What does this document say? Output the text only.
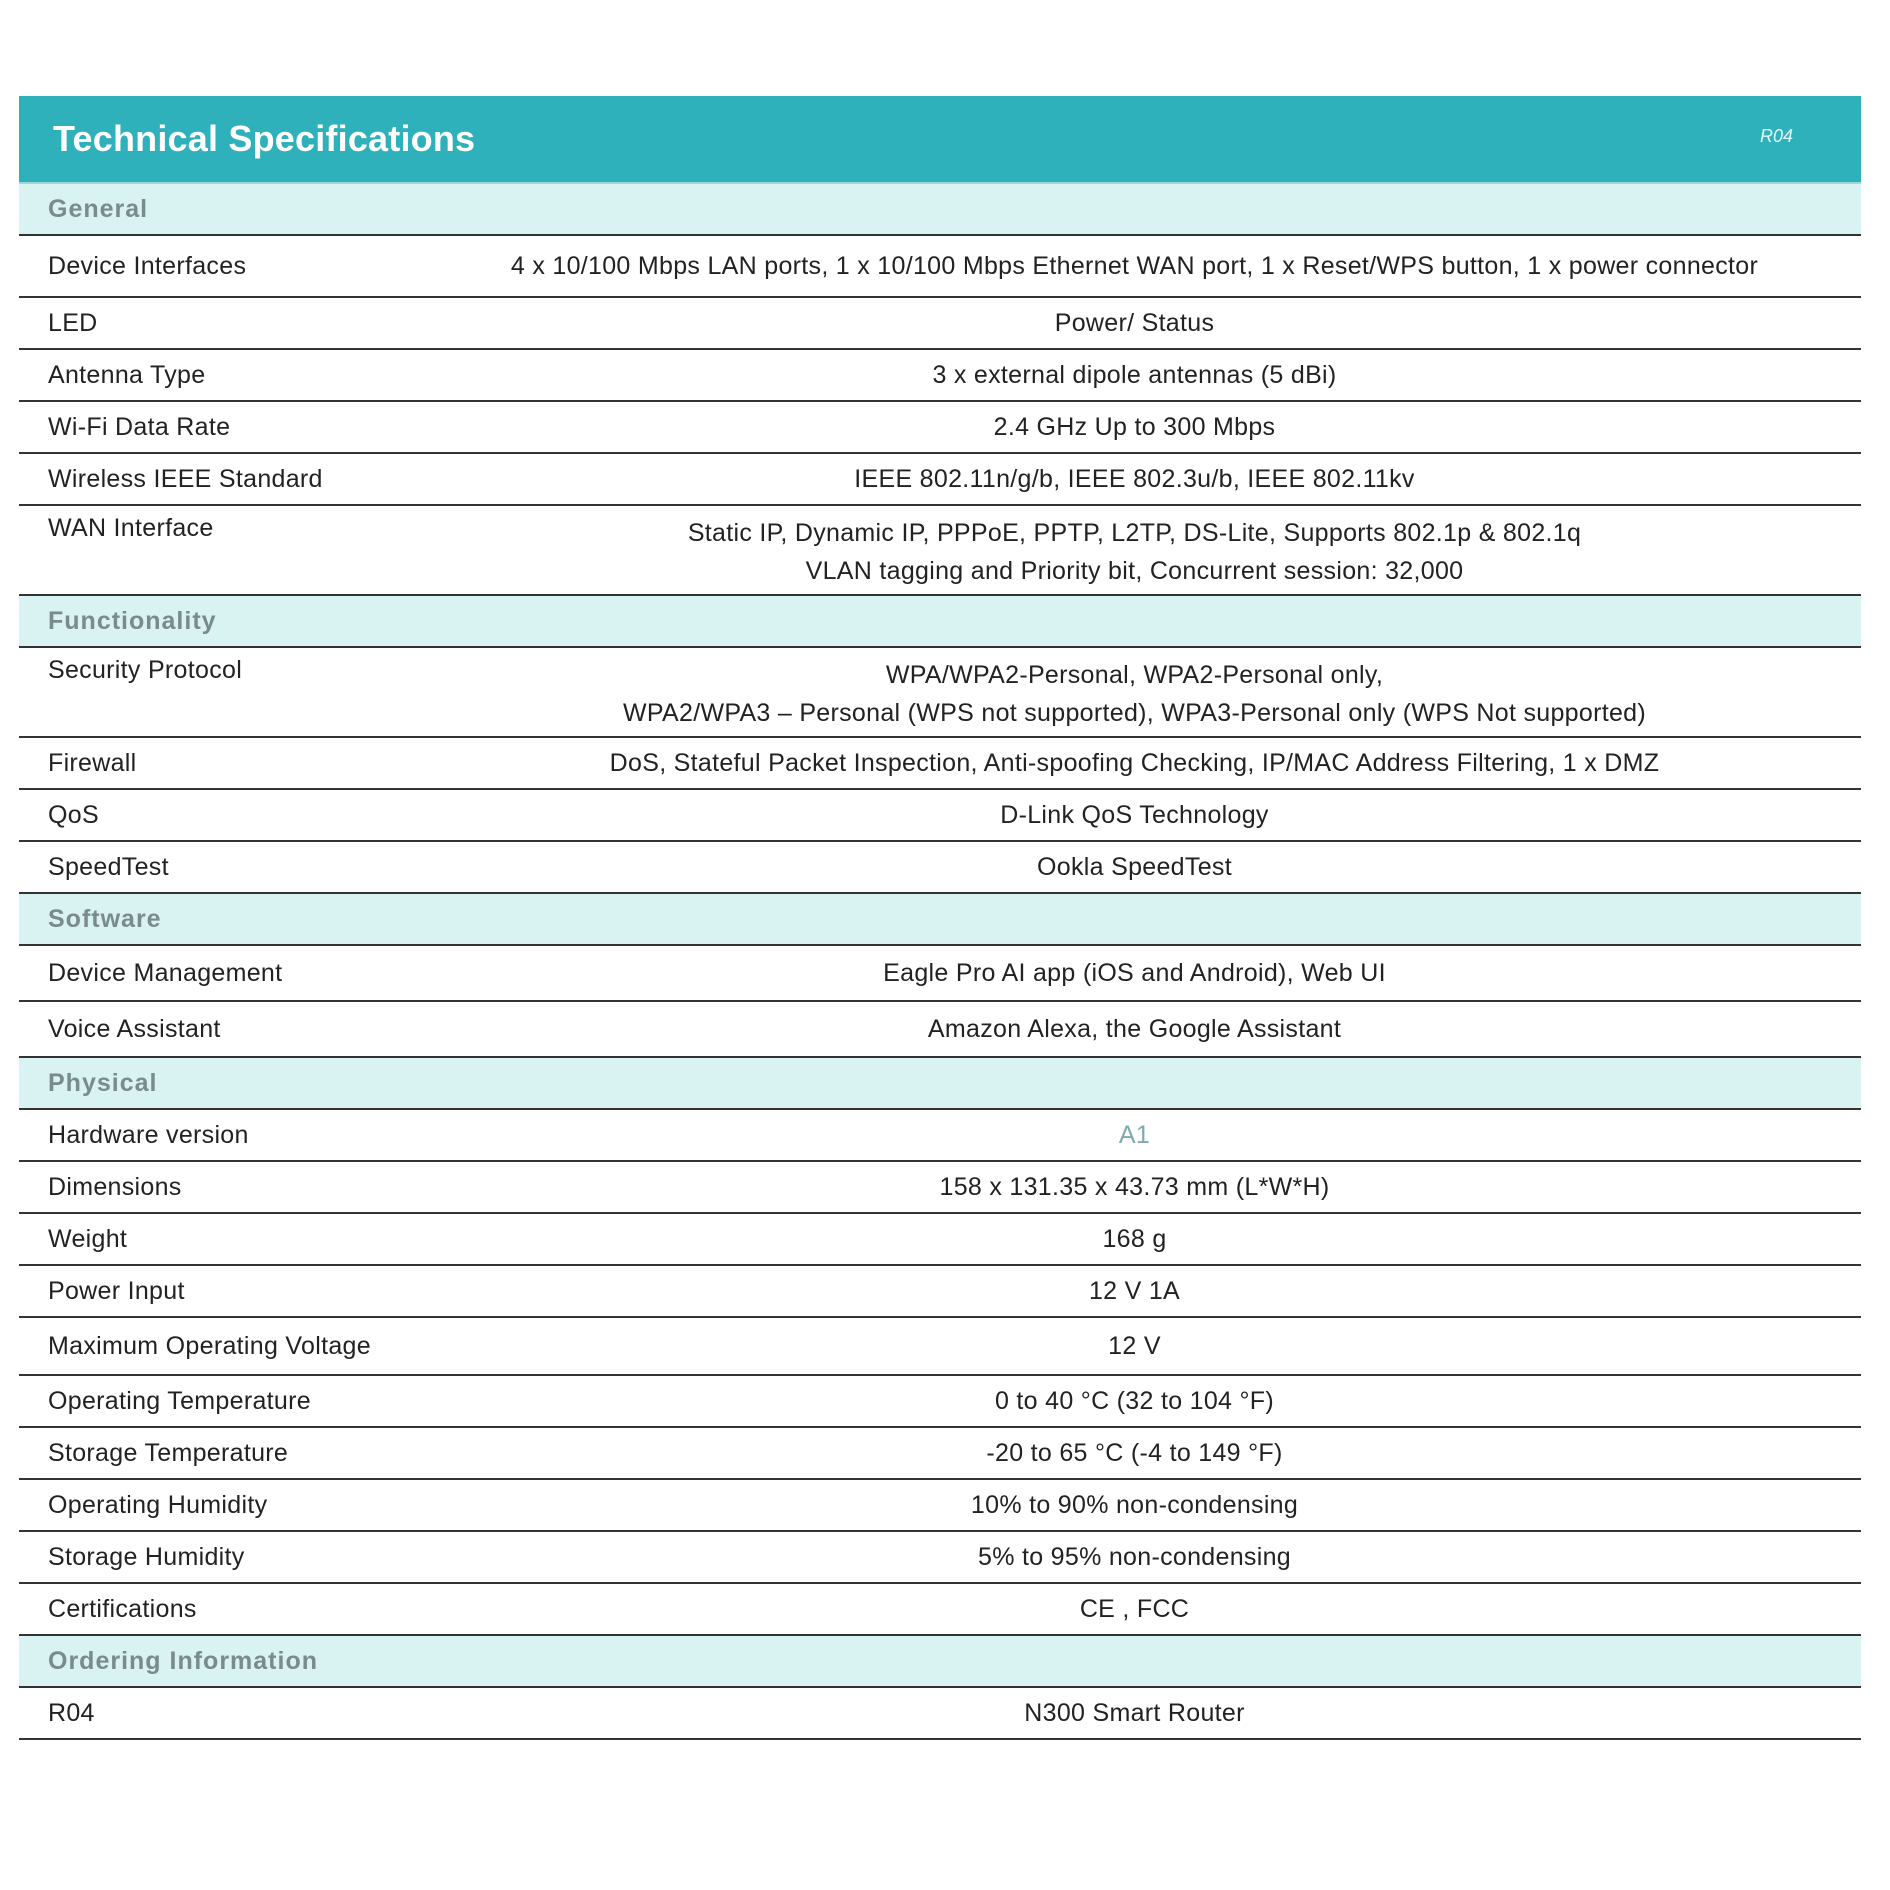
Technical Specifications	R04
General
Device Interfaces	4 x 10/100 Mbps LAN ports, 1 x 10/100 Mbps Ethernet WAN port, 1 x Reset/WPS button, 1 x power connector
LED	Power/ Status
Antenna Type	3 x external dipole antennas (5 dBi)
Wi-Fi Data Rate	2.4 GHz Up to 300 Mbps
Wireless IEEE Standard	IEEE 802.11n/g/b, IEEE 802.3u/b, IEEE 802.11kv
WAN Interface	Static IP, Dynamic IP, PPPoE, PPTP, L2TP, DS-Lite, Supports 802.1p & 802.1q
VLAN tagging and Priority bit, Concurrent session: 32,000
Functionality
Security Protocol	WPA/WPA2-Personal, WPA2-Personal only,
WPA2/WPA3 – Personal (WPS not supported), WPA3-Personal only (WPS Not supported)
Firewall	DoS, Stateful Packet Inspection, Anti-spoofing Checking, IP/MAC Address Filtering, 1 x DMZ
QoS	D-Link QoS Technology
SpeedTest	Ookla SpeedTest
Software
Device Management	Eagle Pro AI app (iOS and Android), Web UI
Voice Assistant	Amazon Alexa, the Google Assistant
Physical
Hardware version	A1
Dimensions	158 x 131.35 x 43.73 mm (L*W*H)
Weight	168 g
Power Input	12 V 1A
Maximum Operating Voltage	12 V
Operating Temperature	0 to 40 °C (32 to 104 °F)
Storage Temperature	-20 to 65 °C (-4 to 149 °F)
Operating Humidity	10% to 90% non-condensing
Storage Humidity	5% to 95% non-condensing
Certifications	CE , FCC
Ordering Information
R04	N300 Smart Router
